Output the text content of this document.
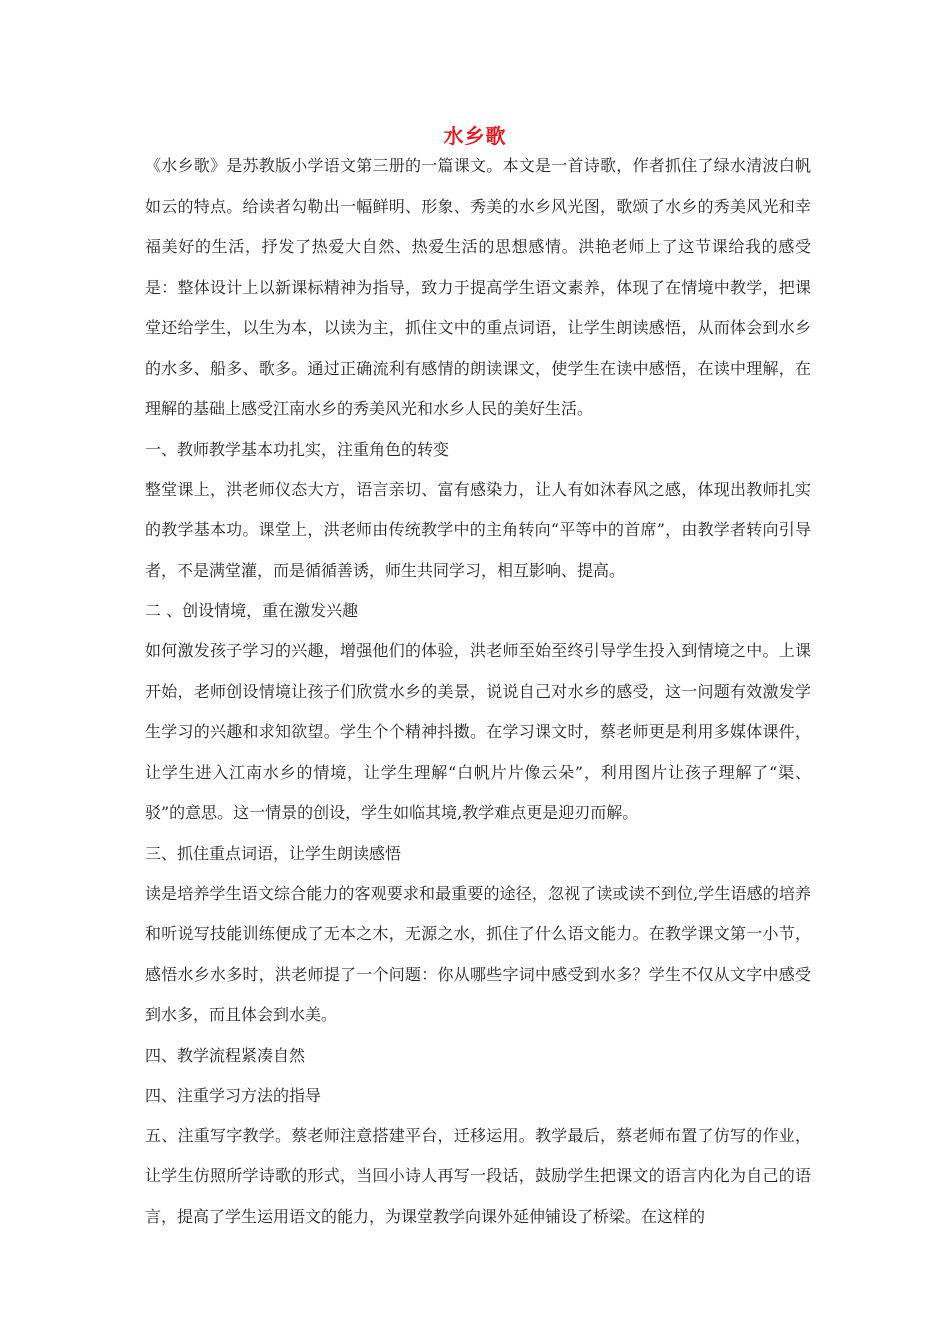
水乡歌

《水乡歌》是苏教版小学语文第三册的一篇课文。本文是一首诗歌，作者抓住了绿水清波白帆如云的特点。给读者勾勒出一幅鲜明、形象、秀美的水乡风光图，歌颂了水乡的秀美风光和幸福美好的生活，抒发了热爱大自然、热爱生活的思想感情。洪艳老师上了这节课给我的感受是：整体设计上以新课标精神为指导，致力于提高学生语文素养，体现了在情境中教学，把课堂还给学生，以生为本，以读为主，抓住文中的重点词语，让学生朗读感悟，从而体会到水乡的水多、船多、歌多。通过正确流利有感情的朗读课文，使学生在读中感悟，在读中理解，在理解的基础上感受江南水乡的秀美风光和水乡人民的美好生活。

一、教师教学基本功扎实，注重角色的转变

整堂课上，洪老师仪态大方，语言亲切、富有感染力，让人有如沐春风之感，体现出教师扎实的教学基本功。课堂上，洪老师由传统教学中的主角转向“平等中的首席”，由教学者转向引导者，不是满堂灌，而是循循善诱，师生共同学习，相互影响、提高。

二 、创设情境，重在激发兴趣

如何激发孩子学习的兴趣，增强他们的体验，洪老师至始至终引导学生投入到情境之中。上课开始，老师创设情境让孩子们欣赏水乡的美景，说说自己对水乡的感受，这一问题有效激发学生学习的兴趣和求知欲望。学生个个精神抖擞。在学习课文时，蔡老师更是利用多媒体课件，让学生进入江南水乡的情境，让学生理解“白帆片片像云朵”，利用图片让孩子理解了“渠、驳”的意思。这一情景的创设，学生如临其境,教学难点更是迎刃而解。

三、抓住重点词语，让学生朗读感悟

读是培养学生语文综合能力的客观要求和最重要的途径，忽视了读或读不到位,学生语感的培养和听说写技能训练便成了无本之木，无源之水，抓住了什么语文能力。在教学课文第一小节，感悟水乡水多时，洪老师提了一个问题：你从哪些字词中感受到水多？学生不仅从文字中感受到水多，而且体会到水美。

四、教学流程紧凑自然

四、注重学习方法的指导

五、注重写字教学。蔡老师注意搭建平台，迁移运用。教学最后，蔡老师布置了仿写的作业，让学生仿照所学诗歌的形式，当回小诗人再写一段话，鼓励学生把课文的语言内化为自己的语言，提高了学生运用语文的能力，为课堂教学向课外延伸铺设了桥梁。在这样的
